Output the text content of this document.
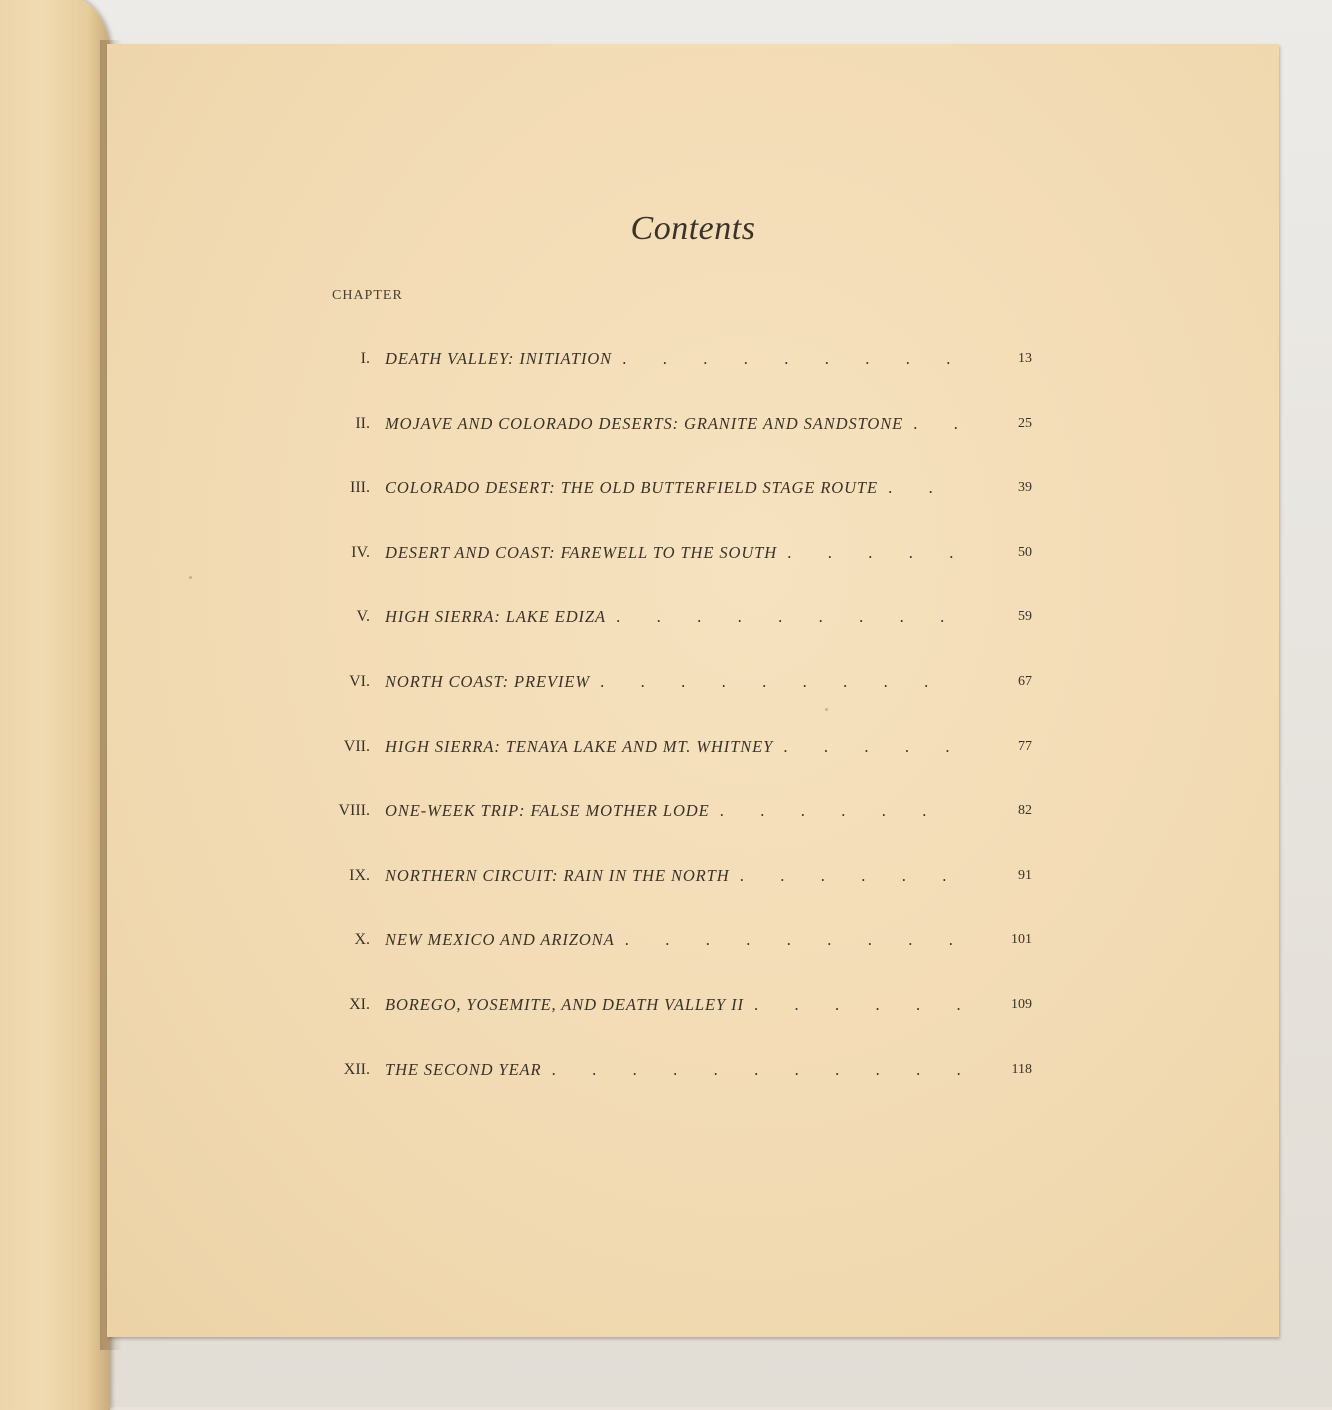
Contents
CHAPTER
I. DEATH VALLEY: INITIATION . .	13
II. MOJAVE AND COLORADO DESERTS: GRANITE AND SANDSTONE . .	25
III. COLORADO DESERT: THE OLD BUTTERFIELD STAGE ROUTE . .	39
IV. DESERT AND COAST: FAREWELL TO THE SOUTH . .	50
V. HIGH SIERRA: LAKE EDIZA . .	59
VI. NORTH COAST: PREVIEW . .	67
VII. HIGH SIERRA: TENAYA LAKE AND MT. WHITNEY . .	77
VIII. ONE-WEEK TRIP: FALSE MOTHER LODE . .	82
IX. NORTHERN CIRCUIT: RAIN IN THE NORTH . .	91
X. NEW MEXICO AND ARIZONA . .	101
XI. BOREGO, YOSEMITE, AND DEATH VALLEY II . .	109
XII. THE SECOND YEAR . .	118
